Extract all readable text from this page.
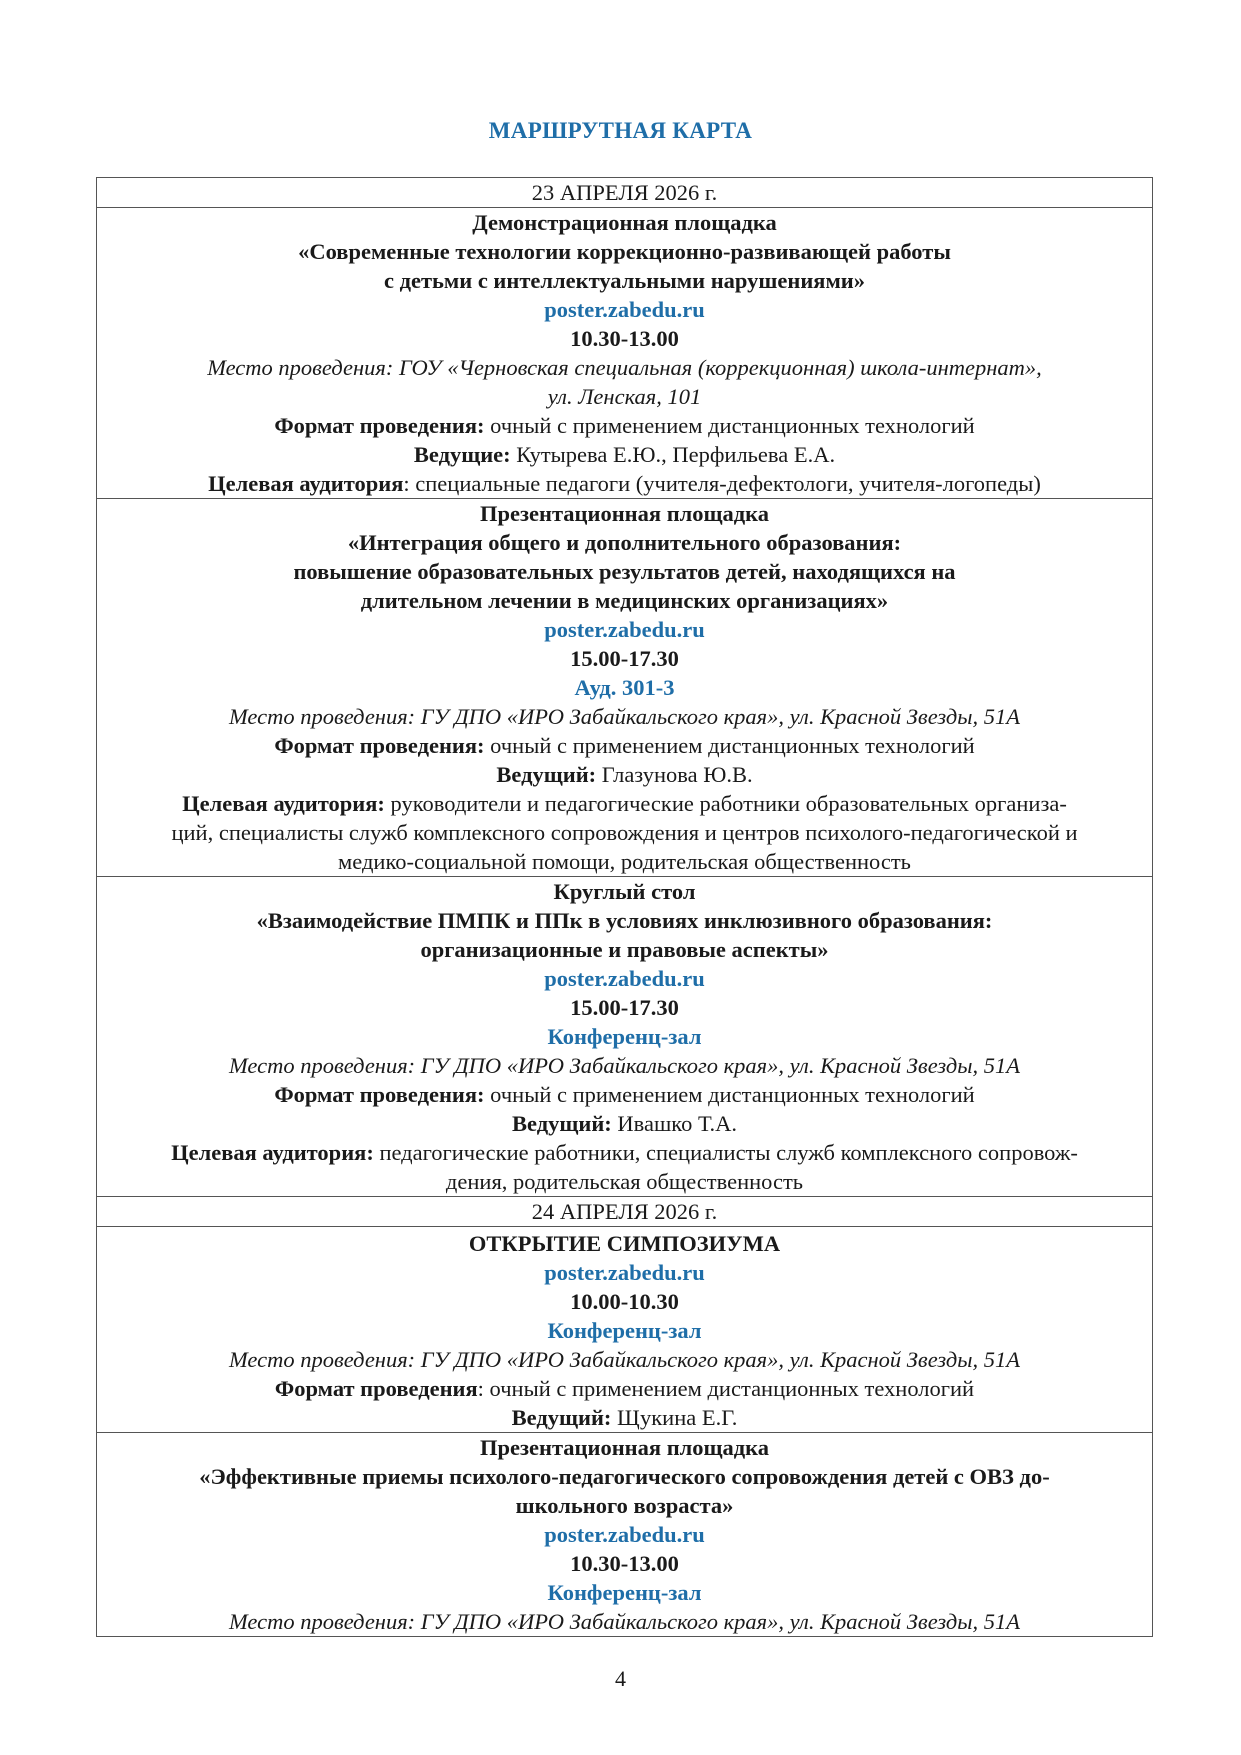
МАРШРУТНАЯ КАРТА
23 АПРЕЛЯ 2026 г.

Демонстрационная площадка
«Современные технологии коррекционно-развивающей работы
с детьми с интеллектуальными нарушениями»
poster.zabedu.ru
10.30-13.00
Место проведения: ГОУ «Черновская специальная (коррекционная) школа-интернат»,
ул. Ленская, 101
Формат проведения: очный с применением дистанционных технологий
Ведущие: Кутырева Е.Ю., Перфильева Е.А.
Целевая аудитория: специальные педагоги (учителя-дефектологи, учителя-логопеды)

Презентационная площадка
«Интеграция общего и дополнительного образования:
повышение образовательных результатов детей, находящихся на
длительном лечении в медицинских организациях»
poster.zabedu.ru
15.00-17.30
Ауд. 301-3
Место проведения: ГУ ДПО «ИРО Забайкальского края», ул. Красной Звезды, 51А
Формат проведения: очный с применением дистанционных технологий
Ведущий: Глазунова Ю.В.
Целевая аудитория: руководители и педагогические работники образовательных организа-
ций, специалисты служб комплексного сопровождения и центров психолого-педагогической и
медико-социальной помощи, родительская общественность

Круглый стол
«Взаимодействие ПМПК и ППк в условиях инклюзивного образования:
организационные и правовые аспекты»
poster.zabedu.ru
15.00-17.30
Конференц-зал
Место проведения: ГУ ДПО «ИРО Забайкальского края», ул. Красной Звезды, 51А
Формат проведения: очный с применением дистанционных технологий
Ведущий: Ивашко Т.А.
Целевая аудитория: педагогические работники, специалисты служб комплексного сопровож-
дения, родительская общественность

24 АПРЕЛЯ 2026 г.

ОТКРЫТИЕ СИМПОЗИУМА
poster.zabedu.ru
10.00-10.30
Конференц-зал
Место проведения: ГУ ДПО «ИРО Забайкальского края», ул. Красной Звезды, 51А
Формат проведения: очный с применением дистанционных технологий
Ведущий: Щукина Е.Г.

Презентационная площадка
«Эффективные приемы психолого-педагогического сопровождения детей с ОВЗ до-
школьного возраста»
poster.zabedu.ru
10.30-13.00
Конференц-зал
Место проведения: ГУ ДПО «ИРО Забайкальского края», ул. Красной Звезды, 51А
4
